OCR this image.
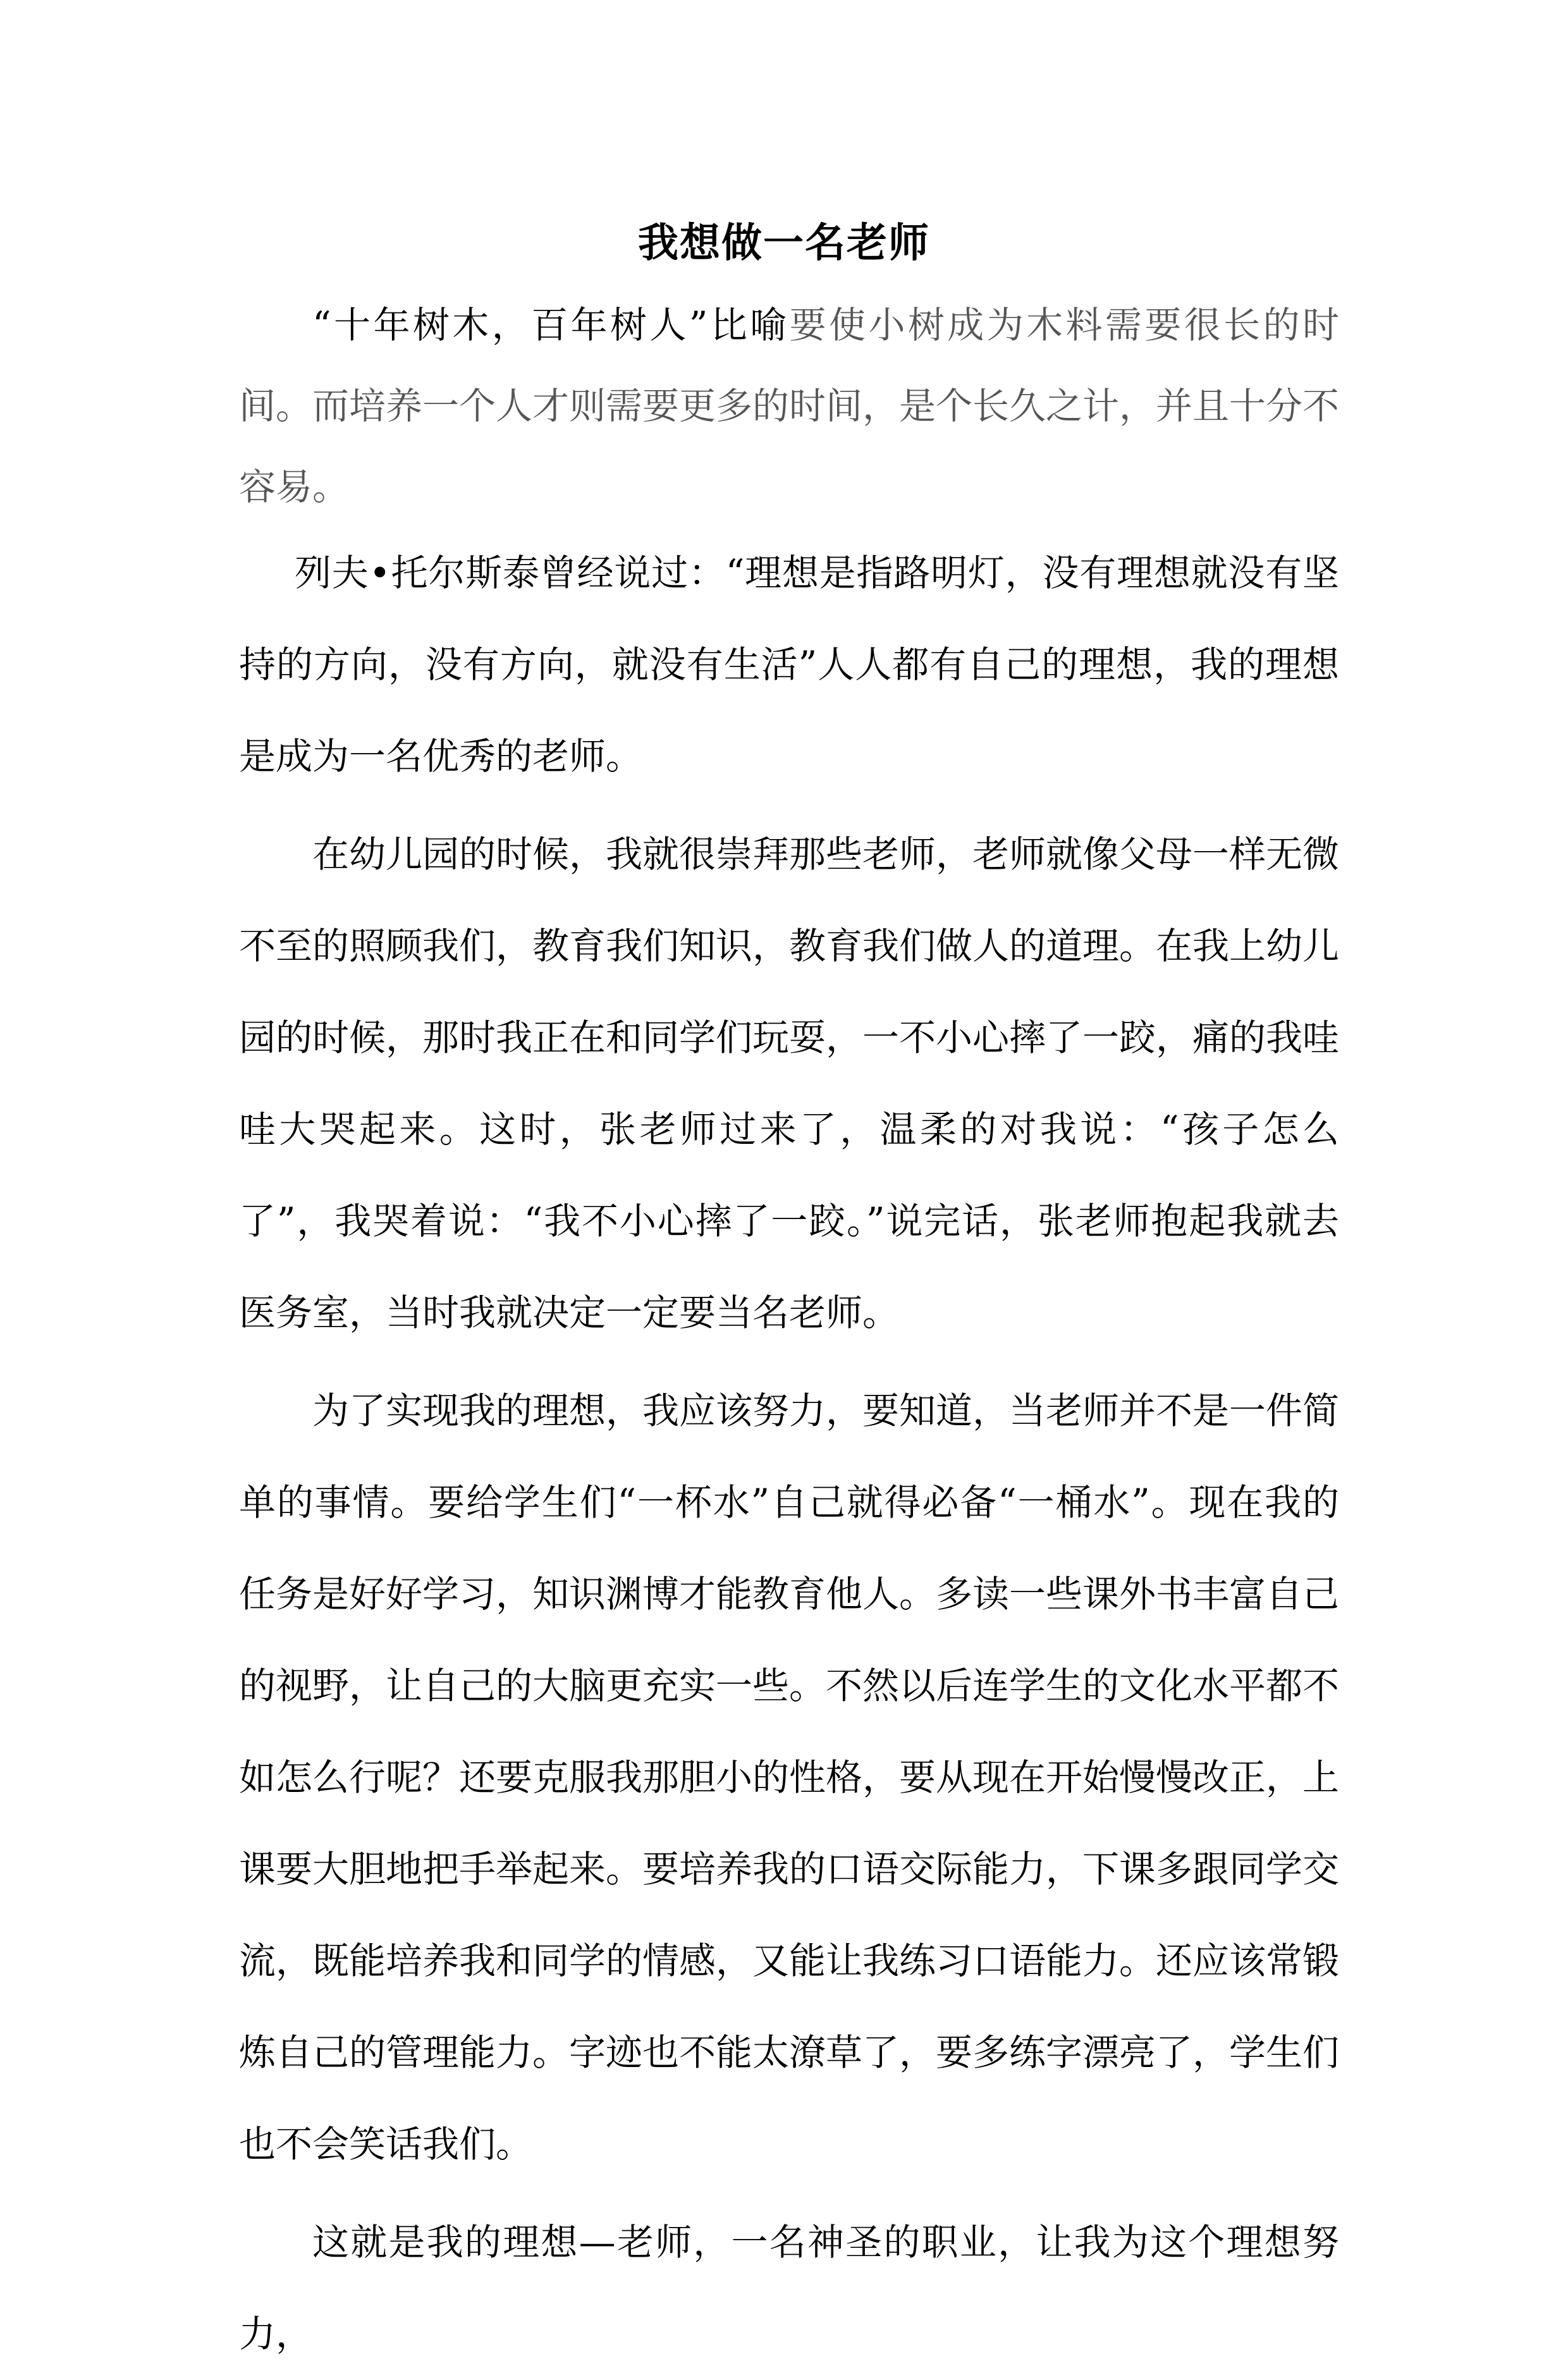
我想做一名老师

“十年树木，百年树人”比喻要使小树成为木料需要很长的时间。而培养一个人才则需要更多的时间，是个长久之计，并且十分不容易。

列夫•托尔斯泰曾经说过：“理想是指路明灯，没有理想就没有坚持的方向，没有方向，就没有生活”人人都有自己的理想，我的理想是成为一名优秀的老师。

在幼儿园的时候，我就很崇拜那些老师，老师就像父母一样无微不至的照顾我们，教育我们知识，教育我们做人的道理。在我上幼儿园的时候，那时我正在和同学们玩耍，一不小心摔了一跤，痛的我哇哇大哭起来。这时，张老师过来了，温柔的对我说：“孩子怎么了”，我哭着说：“我不小心摔了一跤。”说完话，张老师抱起我就去医务室，当时我就决定一定要当名老师。

为了实现我的理想，我应该努力，要知道，当老师并不是一件简单的事情。要给学生们“一杯水”自己就得必备“一桶水”。现在我的任务是好好学习，知识渊博才能教育他人。多读一些课外书丰富自己的视野，让自己的大脑更充实一些。不然以后连学生的文化水平都不如怎么行呢？还要克服我那胆小的性格，要从现在开始慢慢改正，上课要大胆地把手举起来。要培养我的口语交际能力，下课多跟同学交流，既能培养我和同学的情感，又能让我练习口语能力。还应该常锻炼自己的管理能力。字迹也不能太潦草了，要多练字漂亮了，学生们也不会笑话我们。

这就是我的理想—老师，一名神圣的职业，让我为这个理想努力，
